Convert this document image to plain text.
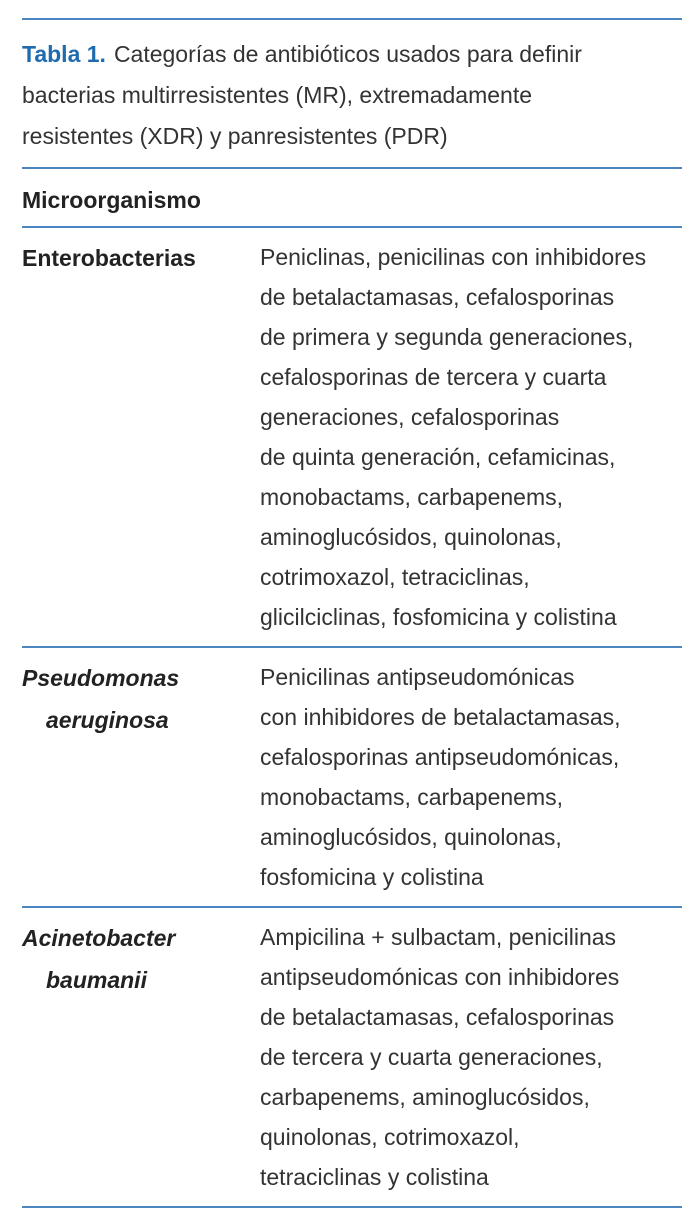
Tabla 1. Categorías de antibióticos usados para definir
bacterias multirresistentes (MR), extremadamente
resistentes (XDR) y panresistentes (PDR)
Microorganismo
Enterobacterias	Peniclinas, penicilinas con inhibidores
de betalactamasas, cefalosporinas
de primera y segunda generaciones,
cefalosporinas de tercera y cuarta
generaciones, cefalosporinas
de quinta generación, cefamicinas,
monobactams, carbapenems,
aminoglucósidos, quinolonas,
cotrimoxazol, tetraciclinas,
glicilciclinas, fosfomicina y colistina
Pseudomonas
aeruginosa
Penicilinas antipseudomónicas
con inhibidores de betalactamasas,
cefalosporinas antipseudomónicas,
monobactams, carbapenems,
aminoglucósidos, quinolonas,
fosfomicina y colistina
Acinetobacter
baumanii
Ampicilina + sulbactam, penicilinas
antipseudomónicas con inhibidores
de betalactamasas, cefalosporinas
de tercera y cuarta generaciones,
carbapenems, aminoglucósidos,
quinolonas, cotrimoxazol,
tetraciclinas y colistina
